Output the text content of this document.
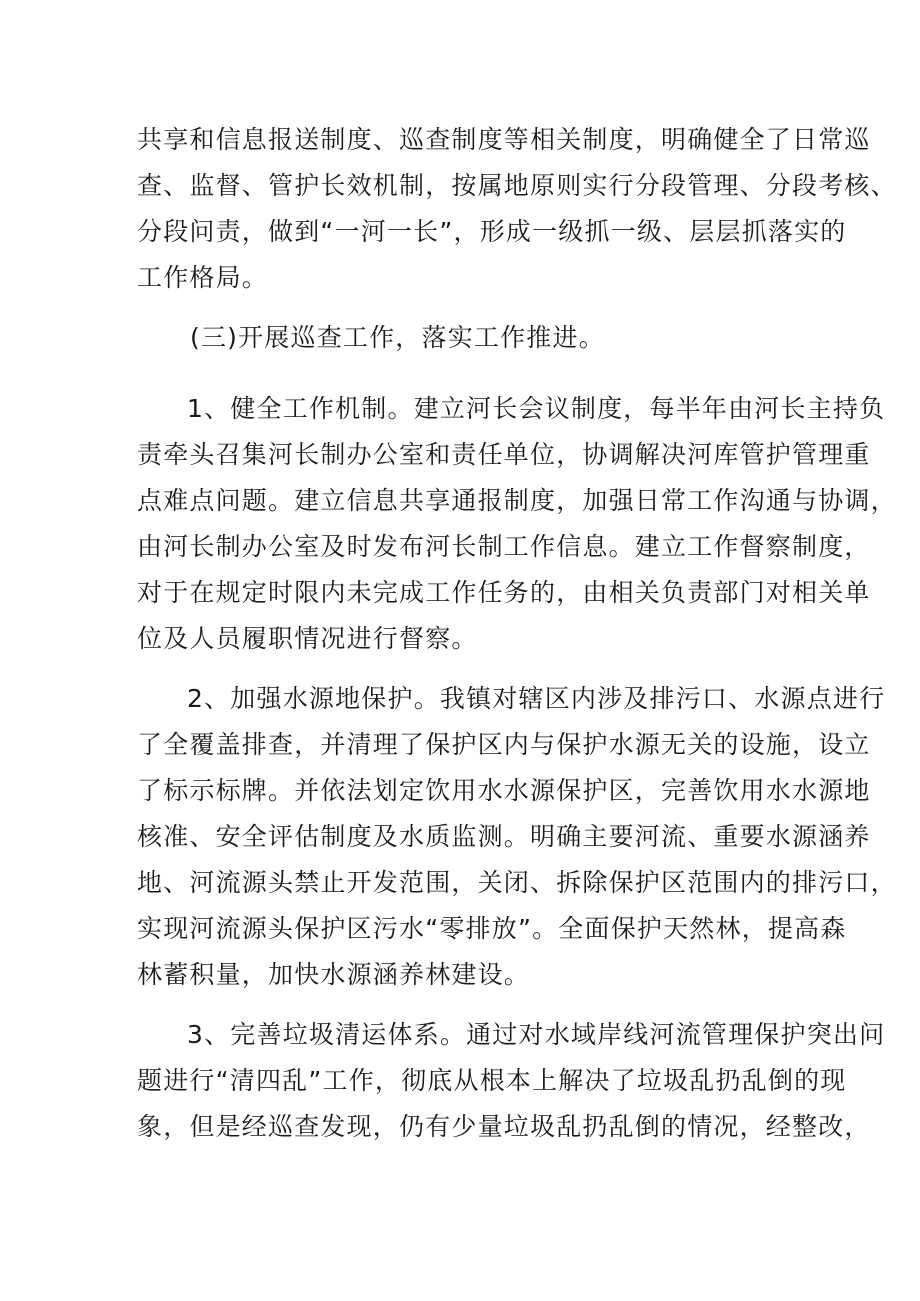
共享和信息报送制度、巡查制度等相关制度，明确健全了日常巡
查、监督、管护长效机制，按属地原则实行分段管理、分段考核、
分段问责，做到“一河一长”，形成一级抓一级、层层抓落实的
工作格局。
(三)开展巡查工作，落实工作推进。
1、健全工作机制。建立河长会议制度，每半年由河长主持负
责牵头召集河长制办公室和责任单位，协调解决河库管护管理重
点难点问题。建立信息共享通报制度，加强日常工作沟通与协调，
由河长制办公室及时发布河长制工作信息。建立工作督察制度，
对于在规定时限内未完成工作任务的，由相关负责部门对相关单
位及人员履职情况进行督察。
2、加强水源地保护。我镇对辖区内涉及排污口、水源点进行
了全覆盖排查，并清理了保护区内与保护水源无关的设施，设立
了标示标牌。并依法划定饮用水水源保护区，完善饮用水水源地
核准、安全评估制度及水质监测。明确主要河流、重要水源涵养
地、河流源头禁止开发范围，关闭、拆除保护区范围内的排污口，
实现河流源头保护区污水“零排放”。全面保护天然林，提高森
林蓄积量，加快水源涵养林建设。
3、完善垃圾清运体系。通过对水域岸线河流管理保护突出问
题进行“清四乱”工作，彻底从根本上解决了垃圾乱扔乱倒的现
象，但是经巡查发现，仍有少量垃圾乱扔乱倒的情况，经整改，
